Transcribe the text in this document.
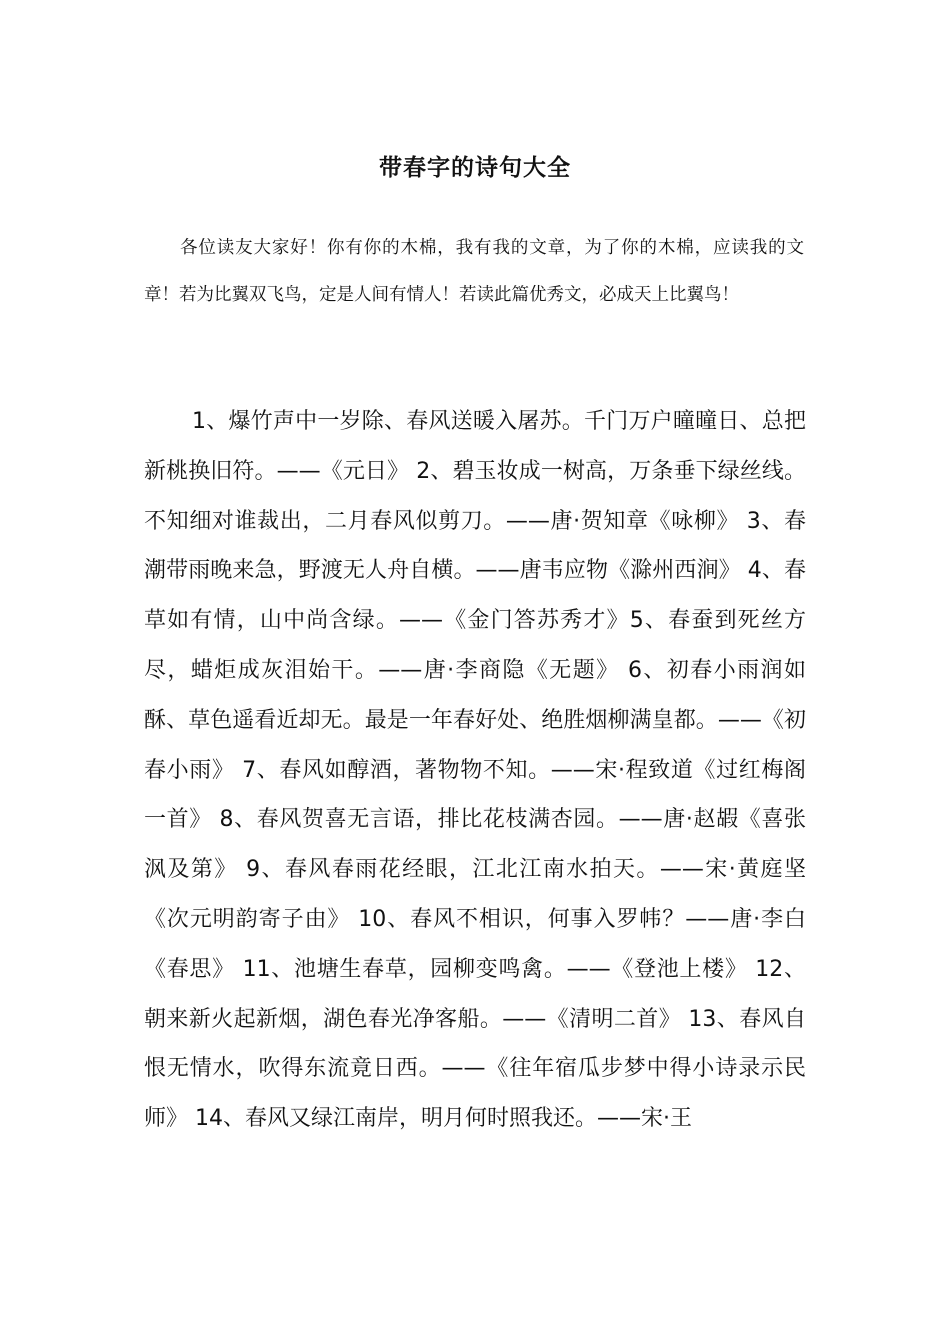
带春字的诗句大全

各位读友大家好！你有你的木棉，我有我的文章，为了你的木棉，应读我的文章！若为比翼双飞鸟，定是人间有情人！若读此篇优秀文，必成天上比翼鸟！

1、爆竹声中一岁除、春风送暖入屠苏。千门万户曈曈日、总把新桃换旧符。——《元日》 2、碧玉妆成一树高，万条垂下绿丝线。不知细对谁裁出，二月春风似剪刀。——唐·贺知章《咏柳》 3、春潮带雨晚来急，野渡无人舟自横。——唐韦应物《滁州西涧》 4、春草如有情，山中尚含绿。——《金门答苏秀才》5、春蚕到死丝方尽，蜡炬成灰泪始干。——唐·李商隐《无题》 6、初春小雨润如酥、草色遥看近却无。最是一年春好处、绝胜烟柳满皇都。——《初春小雨》 7、春风如醇酒，著物物不知。——宋·程致道《过红梅阁一首》 8、春风贺喜无言语，排比花枝满杏园。——唐·赵嘏《喜张沨及第》 9、春风春雨花经眼，江北江南水拍天。——宋·黄庭坚《次元明韵寄子由》 10、春风不相识，何事入罗帏？——唐·李白《春思》 11、池塘生春草，园柳变鸣禽。——《登池上楼》 12、朝来新火起新烟，湖色春光净客船。——《清明二首》 13、春风自恨无情水，吹得东流竟日西。——《往年宿瓜步梦中得小诗录示民师》 14、春风又绿江南岸，明月何时照我还。——宋·王
